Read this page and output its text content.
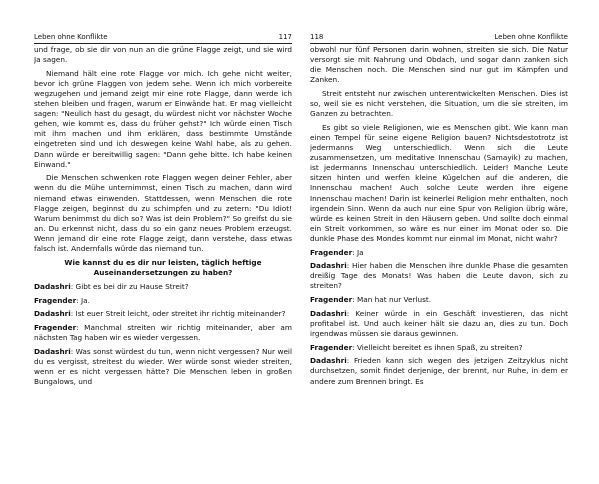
Leben ohne Konflikte	117

und frage, ob sie dir von nun an die grüne Flagge zeigt, und sie wird Ja sagen.

Niemand hält eine rote Flagge vor mich. Ich gehe nicht weiter, bevor ich grüne Flaggen von jedem sehe. Wenn ich mich vorbereite wegzugehen und jemand zeigt mir eine rote Flagge, dann werde ich stehen bleiben und fragen, warum er Einwände hat. Er mag vielleicht sagen: "Neulich hast du gesagt, du würdest nicht vor nächster Woche gehen, wie kommt es, dass du früher gehst?" Ich würde einen Tisch mit ihm machen und ihm erklären, dass bestimmte Umstände eingetreten sind und ich deswegen keine Wahl habe, als zu gehen. Dann würde er bereitwillig sagen: "Dann gehe bitte. Ich habe keinen Einwand."

Die Menschen schwenken rote Flaggen wegen deiner Fehler, aber wenn du die Mühe unternimmst, einen Tisch zu machen, dann wird niemand etwas einwenden. Stattdessen, wenn Menschen die rote Flagge zeigen, beginnst du zu schimpfen und zu zetern: "Du Idiot! Warum benimmst du dich so? Was ist dein Problem?" So greifst du sie an. Du erkennst nicht, dass du so ein ganz neues Problem erzeugst. Wenn jemand dir eine rote Flagge zeigt, dann verstehe, dass etwas falsch ist. Andernfalls würde das niemand tun.

Wie kannst du es dir nur leisten, täglich heftige Auseinandersetzungen zu haben?

Dadashri: Gibt es bei dir zu Hause Streit?

Fragender: Ja.

Dadashri: Ist euer Streit leicht, oder streitet ihr richtig miteinander?

Fragender: Manchmal streiten wir richtig miteinander, aber am nächsten Tag haben wir es wieder vergessen.

Dadashri: Was sonst würdest du tun, wenn nicht vergessen? Nur weil du es vergisst, streitest du wieder. Wer würde sonst wieder streiten, wenn er es nicht vergessen hätte? Die Menschen leben in großen Bungalows, und

118	Leben ohne Konflikte

obwohl nur fünf Personen darin wohnen, streiten sie sich. Die Natur versorgt sie mit Nahrung und Obdach, und sogar dann zanken sich die Menschen noch. Die Menschen sind nur gut im Kämpfen und Zanken.

Streit entsteht nur zwischen unterentwickelten Menschen. Dies ist so, weil sie es nicht verstehen, die Situation, um die sie streiten, im Ganzen zu betrachten.

Es gibt so viele Religionen, wie es Menschen gibt. Wie kann man einen Tempel für seine eigene Religion bauen? Nichtsdestotrotz ist jedermanns Weg unterschiedlich. Wenn sich die Leute zusammensetzen, um meditative Innenschau (Samayik) zu machen, ist jedermanns Innenschau unterschiedlich. Leider! Manche Leute sitzen hinten und werfen kleine Kügelchen auf die anderen, die Innenschau machen! Auch solche Leute werden ihre eigene Innenschau machen! Darin ist keinerlei Religion mehr enthalten, noch irgendein Sinn. Wenn da auch nur eine Spur von Religion übrig wäre, würde es keinen Streit in den Häusern geben. Und sollte doch einmal ein Streit vorkommen, so wäre es nur einer im Monat oder so. Die dunkle Phase des Mondes kommt nur einmal im Monat, nicht wahr?

Fragender: Ja

Dadashri: Hier haben die Menschen ihre dunkle Phase die gesamten dreißig Tage des Monats! Was haben die Leute davon, sich zu streiten?

Fragender: Man hat nur Verlust.

Dadashri: Keiner würde in ein Geschäft investieren, das nicht profitabel ist. Und auch keiner hält sie dazu an, dies zu tun. Doch irgendwas müssen sie daraus gewinnen.

Fragender: Vielleicht bereitet es ihnen Spaß, zu streiten?

Dadashri: Frieden kann sich wegen des jetzigen Zeitzyklus nicht durchsetzen, somit findet derjenige, der brennt, nur Ruhe, in dem er andere zum Brennen bringt. Es
